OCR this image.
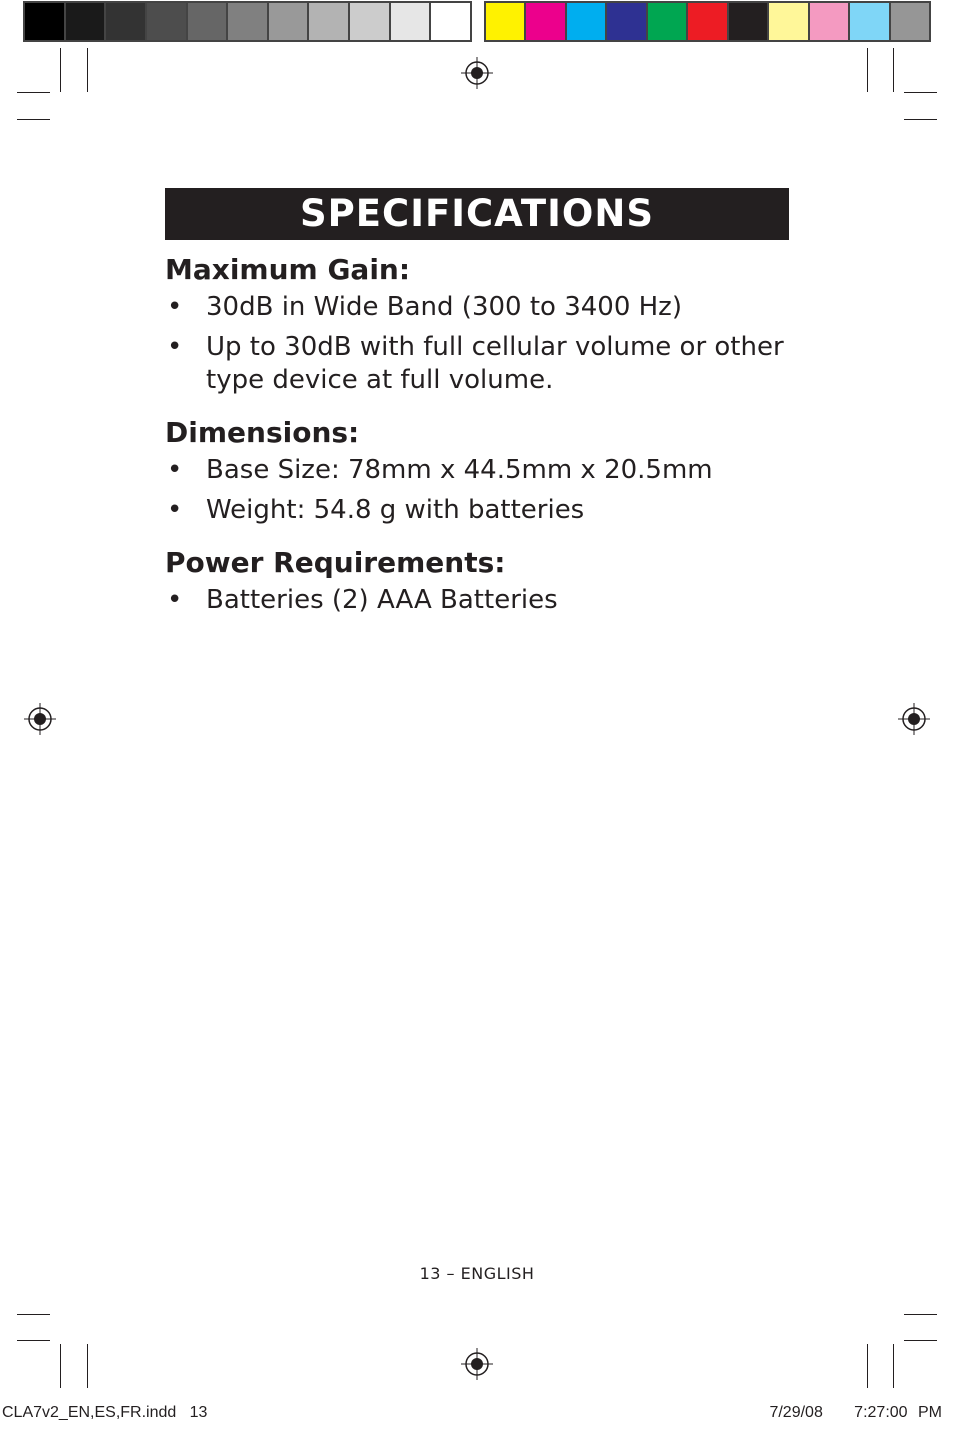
SPECIFICATIONS
Maximum Gain:
• 30dB in Wide Band (300 to 3400 Hz)
• Up to 30dB with full cellular volume or other type device at full volume.
Dimensions:
• Base Size: 78mm x 44.5mm x 20.5mm
• Weight: 54.8 g with batteries
Power Requirements:
• Batteries (2) AAA Batteries
13 – ENGLISH
CLA7v2_EN,ES,FR.indd   13	7/29/08   7:27:00 PM
